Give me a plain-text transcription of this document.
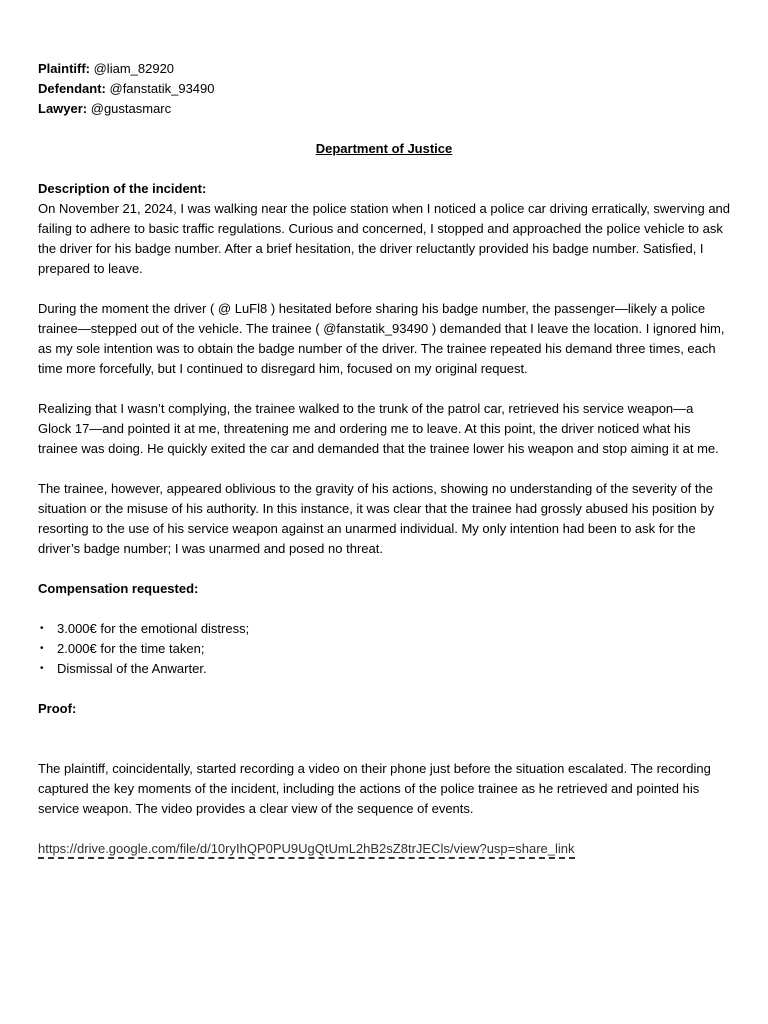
Plaintiff: @liam_82920

Defendant: @fanstatik_93490

Lawyer: @gustasmarc

Department of Justice

Description of the incident:

On November 21, 2024, I was walking near the police station when I noticed a police car driving erratically, swerving and failing to adhere to basic traffic regulations. Curious and concerned, I stopped and approached the police vehicle to ask the driver for his badge number. After a brief hesitation, the driver reluctantly provided his badge number. Satisfied, I prepared to leave.

During the moment the driver ( @ LuFl8 ) hesitated before sharing his badge number, the passenger—likely a police trainee—stepped out of the vehicle. The trainee ( @fanstatik_93490 ) demanded that I leave the location. I ignored him, as my sole intention was to obtain the badge number of the driver. The trainee repeated his demand three times, each time more forcefully, but I continued to disregard him, focused on my original request.

Realizing that I wasn’t complying, the trainee walked to the trunk of the patrol car, retrieved his service weapon—a Glock 17—and pointed it at me, threatening me and ordering me to leave. At this point, the driver noticed what his trainee was doing. He quickly exited the car and demanded that the trainee lower his weapon and stop aiming it at me.

The trainee, however, appeared oblivious to the gravity of his actions, showing no understanding of the severity of the situation or the misuse of his authority. In this instance, it was clear that the trainee had grossly abused his position by resorting to the use of his service weapon against an unarmed individual. My only intention had been to ask for the driver’s badge number; I was unarmed and posed no threat.

Compensation requested:

• 3.000€ for the emotional distress;
• 2.000€ for the time taken;
• Dismissal of the Anwarter.

Proof:

The plaintiff, coincidentally, started recording a video on their phone just before the situation escalated. The recording captured the key moments of the incident, including the actions of the police trainee as he retrieved and pointed his service weapon. The video provides a clear view of the sequence of events.

https://drive.google.com/file/d/10ryIhQP0PU9UgQtUmL2hB2sZ8trJECls/view?usp=share_link
